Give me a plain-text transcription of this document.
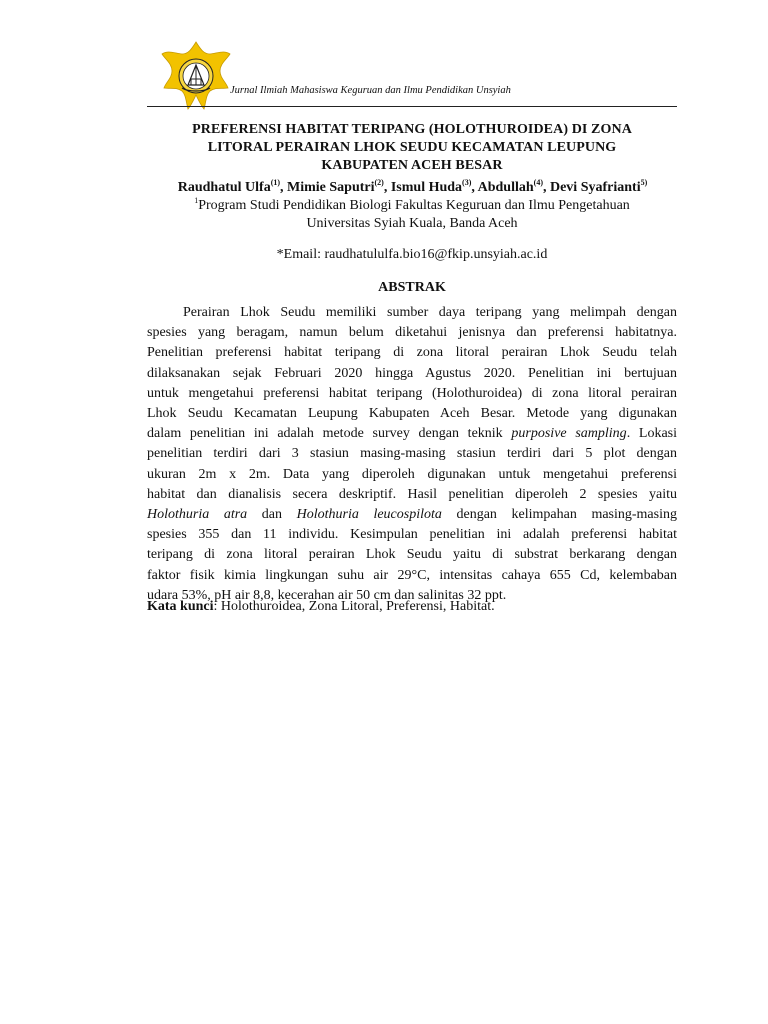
Jurnal Ilmiah Mahasiswa Keguruan dan Ilmu Pendidikan Unsyiah
PREFERENSI HABITAT TERIPANG (HOLOTHUROIDEA) DI ZONA
LITORAL PERAIRAN LHOK SEUDU KECAMATAN LEUPUNG
KABUPATEN ACEH BESAR
Raudhatul Ulfa$^{(1)}$, Mimie Saputri$^{(2)}$, Ismul Huda$^{(3)}$, Abdullah$^{(4)}$, Devi Syafrianti$^{5)}$
$^1$Program Studi Pendidikan Biologi Fakultas Keguruan dan Ilmu Pengetahuan
Universitas Syiah Kuala, Banda Aceh
*Email: raudhatululfa.bio16@fkip.unsyiah.ac.id
ABSTRAK
Perairan Lhok Seudu memiliki sumber daya teripang yang melimpah dengan
spesies yang beragam, namun belum diketahui jenisnya dan preferensi habitatnya.
Penelitian preferensi habitat teripang di zona litoral perairan Lhok Seudu telah
dilaksanakan sejak Februari 2020 hingga Agustus 2020. Penelitian ini bertujuan
untuk mengetahui preferensi habitat teripang (Holothuroidea) di zona litoral perairan
Lhok Seudu Kecamatan Leupung Kabupaten Aceh Besar. Metode yang digunakan
dalam penelitian ini adalah metode survey dengan teknik purposive sampling. Lokasi
penelitian terdiri dari 3 stasiun masing-masing stasiun terdiri dari 5 plot dengan
ukuran 2m x 2m. Data yang diperoleh digunakan untuk mengetahui preferensi
habitat dan dianalisis secera deskriptif. Hasil penelitian diperoleh 2 spesies yaitu
Holothuria atra dan Holothuria leucospilota dengan kelimpahan masing-masing
spesies 355 dan 11 individu. Kesimpulan penelitian ini adalah preferensi habitat
teripang di zona litoral perairan Lhok Seudu yaitu di substrat berkarang dengan
faktor fisik kimia lingkungan suhu air 29°C, intensitas cahaya 655 Cd, kelembaban
udara 53%, pH air 8,8, kecerahan air 50 cm dan salinitas 32 ppt.
Kata kunci: Holothuroidea, Zona Litoral, Preferensi, Habitat.
